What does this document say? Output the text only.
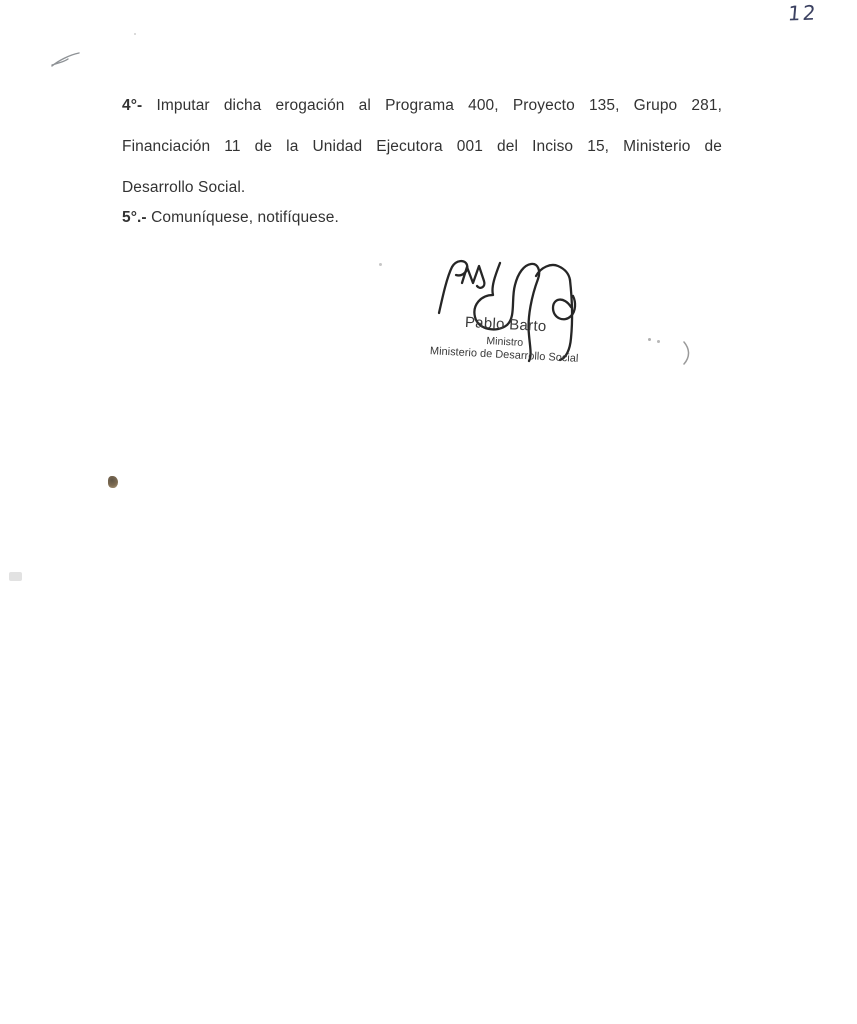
12
4°- Imputar dicha erogación al Programa 400, Proyecto 135, Grupo 281,
Financiación 11 de la Unidad Ejecutora 001 del Inciso 15, Ministerio de
Desarrollo Social.
5°.- Comuníquese, notifíquese.
Pablo Barto
Ministro
Ministerio de Desarrollo Social
